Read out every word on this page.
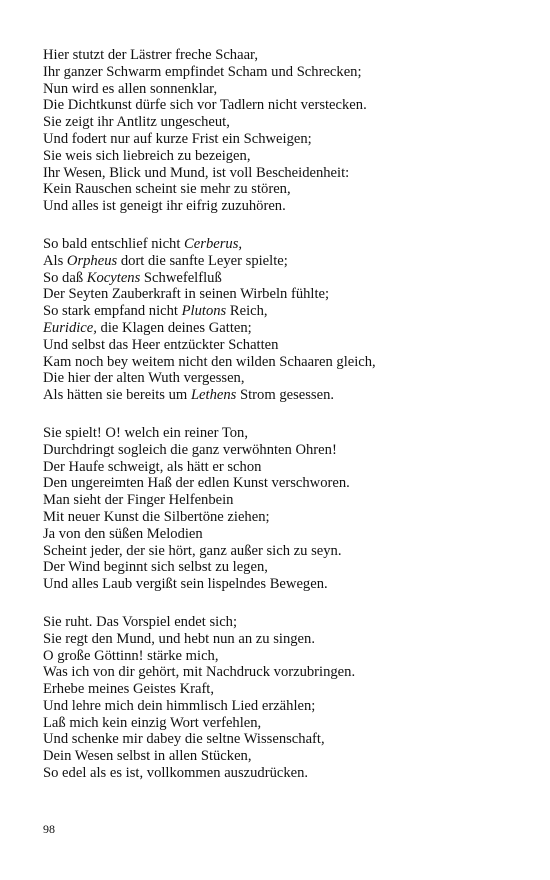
Hier stutzt der Lästrer freche Schaar,
Ihr ganzer Schwarm empfindet Scham und Schrecken;
Nun wird es allen sonnenklar,
Die Dichtkunst dürfe sich vor Tadlern nicht verstecken.
Sie zeigt ihr Antlitz ungescheut,
Und fodert nur auf kurze Frist ein Schweigen;
Sie weis sich liebreich zu bezeigen,
Ihr Wesen, Blick und Mund, ist voll Bescheidenheit:
Kein Rauschen scheint sie mehr zu stören,
Und alles ist geneigt ihr eifrig zuzuhören.
So bald entschlief nicht Cerberus,
Als Orpheus dort die sanfte Leyer spielte;
So daß Kocytens Schwefelfluß
Der Seyten Zauberkraft in seinen Wirbeln fühlte;
So stark empfand nicht Plutons Reich,
Euridice, die Klagen deines Gatten;
Und selbst das Heer entzückter Schatten
Kam noch bey weitem nicht den wilden Schaaren gleich,
Die hier der alten Wuth vergessen,
Als hätten sie bereits um Lethens Strom gesessen.
Sie spielt! O! welch ein reiner Ton,
Durchdringt sogleich die ganz verwöhnten Ohren!
Der Haufe schweigt, als hätt er schon
Den ungereimten Haß der edlen Kunst verschworen.
Man sieht der Finger Helfenbein
Mit neuer Kunst die Silbertöne ziehen;
Ja von den süßen Melodien
Scheint jeder, der sie hört, ganz außer sich zu seyn.
Der Wind beginnt sich selbst zu legen,
Und alles Laub vergißt sein lispelndes Bewegen.
Sie ruht. Das Vorspiel endet sich;
Sie regt den Mund, und hebt nun an zu singen.
O große Göttinn! stärke mich,
Was ich von dir gehört, mit Nachdruck vorzubringen.
Erhebe meines Geistes Kraft,
Und lehre mich dein himmlisch Lied erzählen;
Laß mich kein einzig Wort verfehlen,
Und schenke mir dabey die seltne Wissenschaft,
Dein Wesen selbst in allen Stücken,
So edel als es ist, vollkommen auszudrücken.
98
